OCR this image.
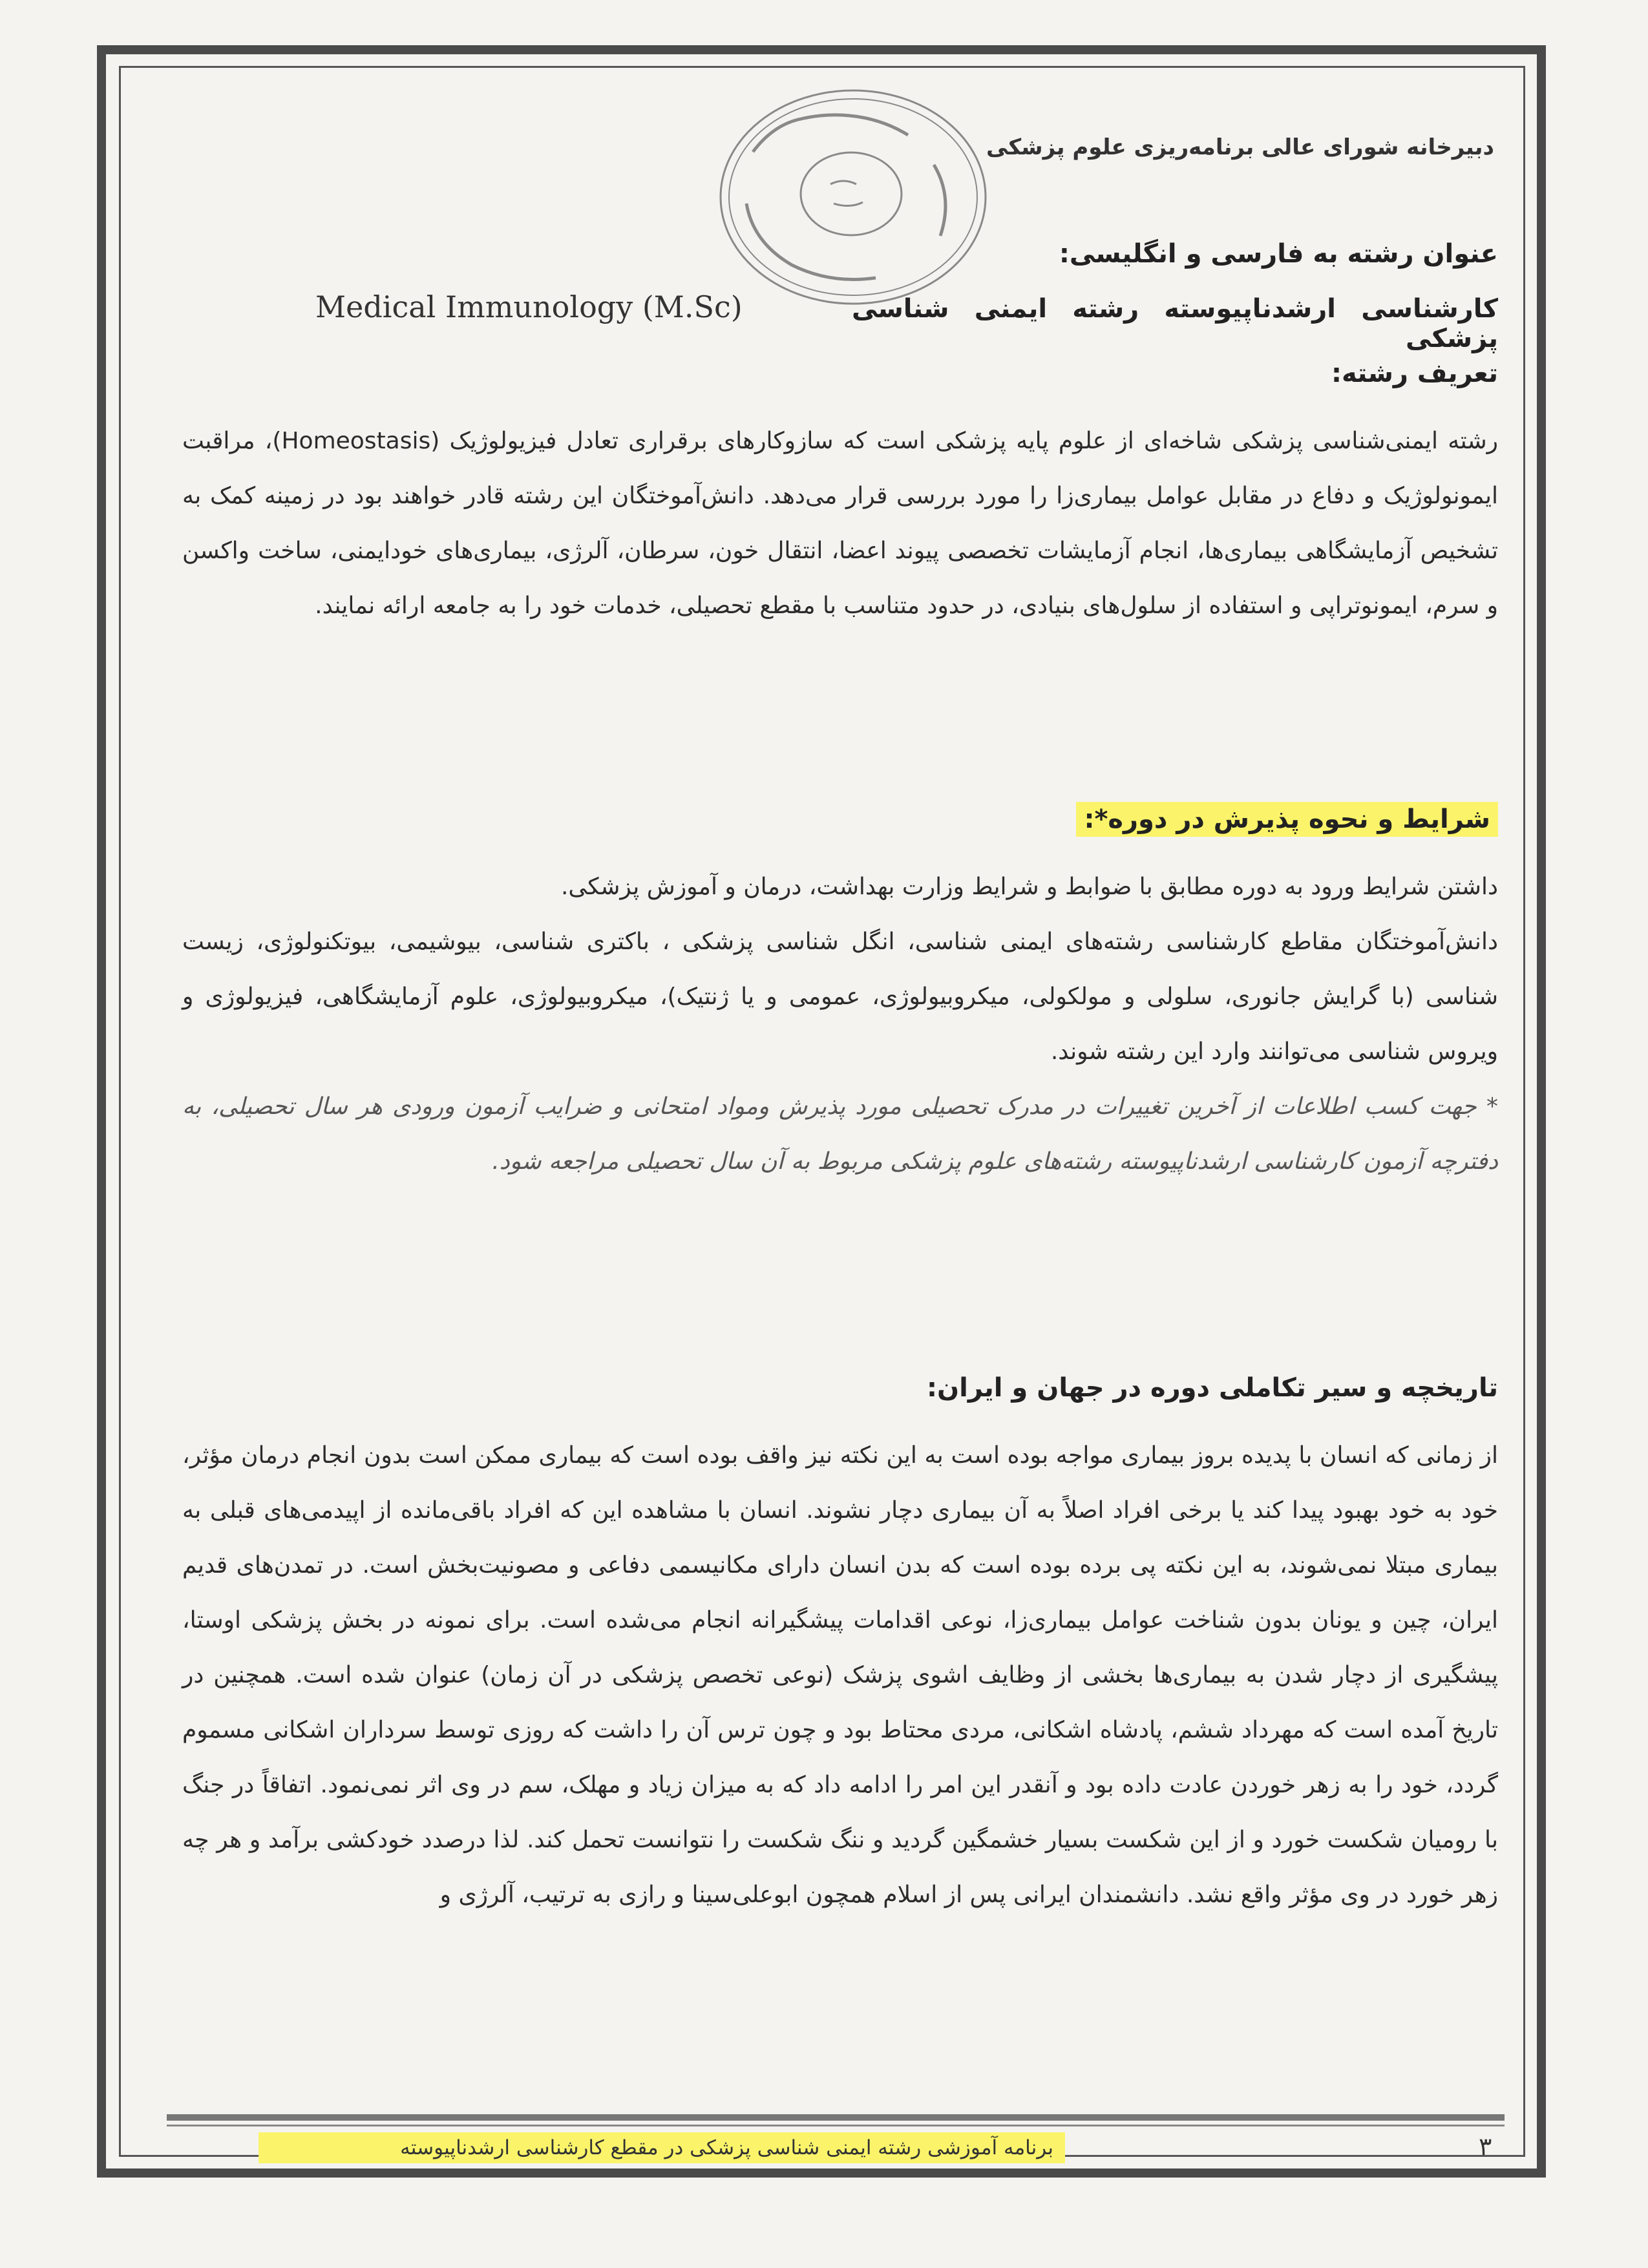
دبیرخانه شورای عالی برنامه‌ریزی علوم پزشکی

عنوان رشته به فارسی و انگلیسی:

کارشناسی ارشدناپیوسته رشته ایمنی شناسی پزشکی

Medical Immunology (M.Sc)

تعریف رشته:

رشته ایمنی‌شناسی پزشکی شاخه‌ای از علوم پایه پزشکی است که سازوکارهای برقراری تعادل فیزیولوژیک (Homeostasis)، مراقبت ایمونولوژیک و دفاع در مقابل عوامل بیماری‌زا را مورد بررسی قرار می‌دهد. دانش‌آموختگان این رشته قادر خواهند بود در زمینه کمک به تشخیص آزمایشگاهی بیماری‌ها، انجام آزمایشات تخصصی پیوند اعضا، انتقال خون، سرطان، آلرژی، بیماری‌های خودایمنی، ساخت واکسن و سرم، ایمونوتراپی و استفاده از سلول‌های بنیادی، در حدود متناسب با مقطع تحصیلی، خدمات خود را به جامعه ارائه نمایند.

شرایط و نحوه پذیرش در دوره*:

داشتن شرایط ورود به دوره مطابق با ضوابط و شرایط وزارت بهداشت، درمان و آموزش پزشکی.

دانش‌آموختگان مقاطع کارشناسی رشته‌های ایمنی شناسی، انگل شناسی پزشکی ، باکتری شناسی، بیوشیمی، بیوتکنولوژی، زیست شناسی (با گرایش جانوری، سلولی و مولکولی، میکروبیولوژی، عمومی و یا ژنتیک)، میکروبیولوژی، علوم آزمایشگاهی، فیزیولوژی و ویروس شناسی می‌توانند وارد این رشته شوند.

* جهت کسب اطلاعات از آخرین تغییرات در مدرک تحصیلی مورد پذیرش ومواد امتحانی و ضرایب آزمون ورودی هر سال تحصیلی، به دفترچه آزمون کارشناسی ارشدناپیوسته رشته‌های علوم پزشکی مربوط به آن سال تحصیلی مراجعه شود.

تاریخچه و سیر تکاملی دوره در جهان و ایران:

از زمانی که انسان با پدیده بروز بیماری مواجه بوده است به این نکته نیز واقف بوده است که بیماری ممکن است بدون انجام درمان مؤثر، خود به خود بهبود پیدا کند یا برخی افراد اصلاً به آن بیماری دچار نشوند. انسان با مشاهده این که افراد باقی‌مانده از اپیدمی‌های قبلی به بیماری مبتلا نمی‌شوند، به این نکته پی برده بوده است که بدن انسان دارای مکانیسمی دفاعی و مصونیت‌بخش است. در تمدن‌های قدیم ایران، چین و یونان بدون شناخت عوامل بیماری‌زا، نوعی اقدامات پیشگیرانه انجام می‌شده است. برای نمونه در بخش پزشکی اوستا، پیشگیری از دچار شدن به بیماری‌ها بخشی از وظایف اشوی پزشک (نوعی تخصص پزشکی در آن زمان) عنوان شده است. همچنین در تاریخ آمده است که مهرداد ششم، پادشاه اشکانی، مردی محتاط بود و چون ترس آن را داشت که روزی توسط سرداران اشکانی مسموم گردد، خود را به زهر خوردن عادت داده بود و آنقدر این امر را ادامه داد که به میزان زیاد و مهلک، سم در وی اثر نمی‌نمود. اتفاقاً در جنگ با رومیان شکست خورد و از این شکست بسیار خشمگین گردید و ننگ شکست را نتوانست تحمل کند. لذا درصدد خودکشی برآمد و هر چه زهر خورد در وی مؤثر واقع نشد. دانشمندان ایرانی پس از اسلام همچون ابوعلی‌سینا و رازی به ترتیب، آلرژی و

برنامه آموزشی رشته ایمنی شناسی پزشکی در مقطع کارشناسی ارشدناپیوسته	۳
